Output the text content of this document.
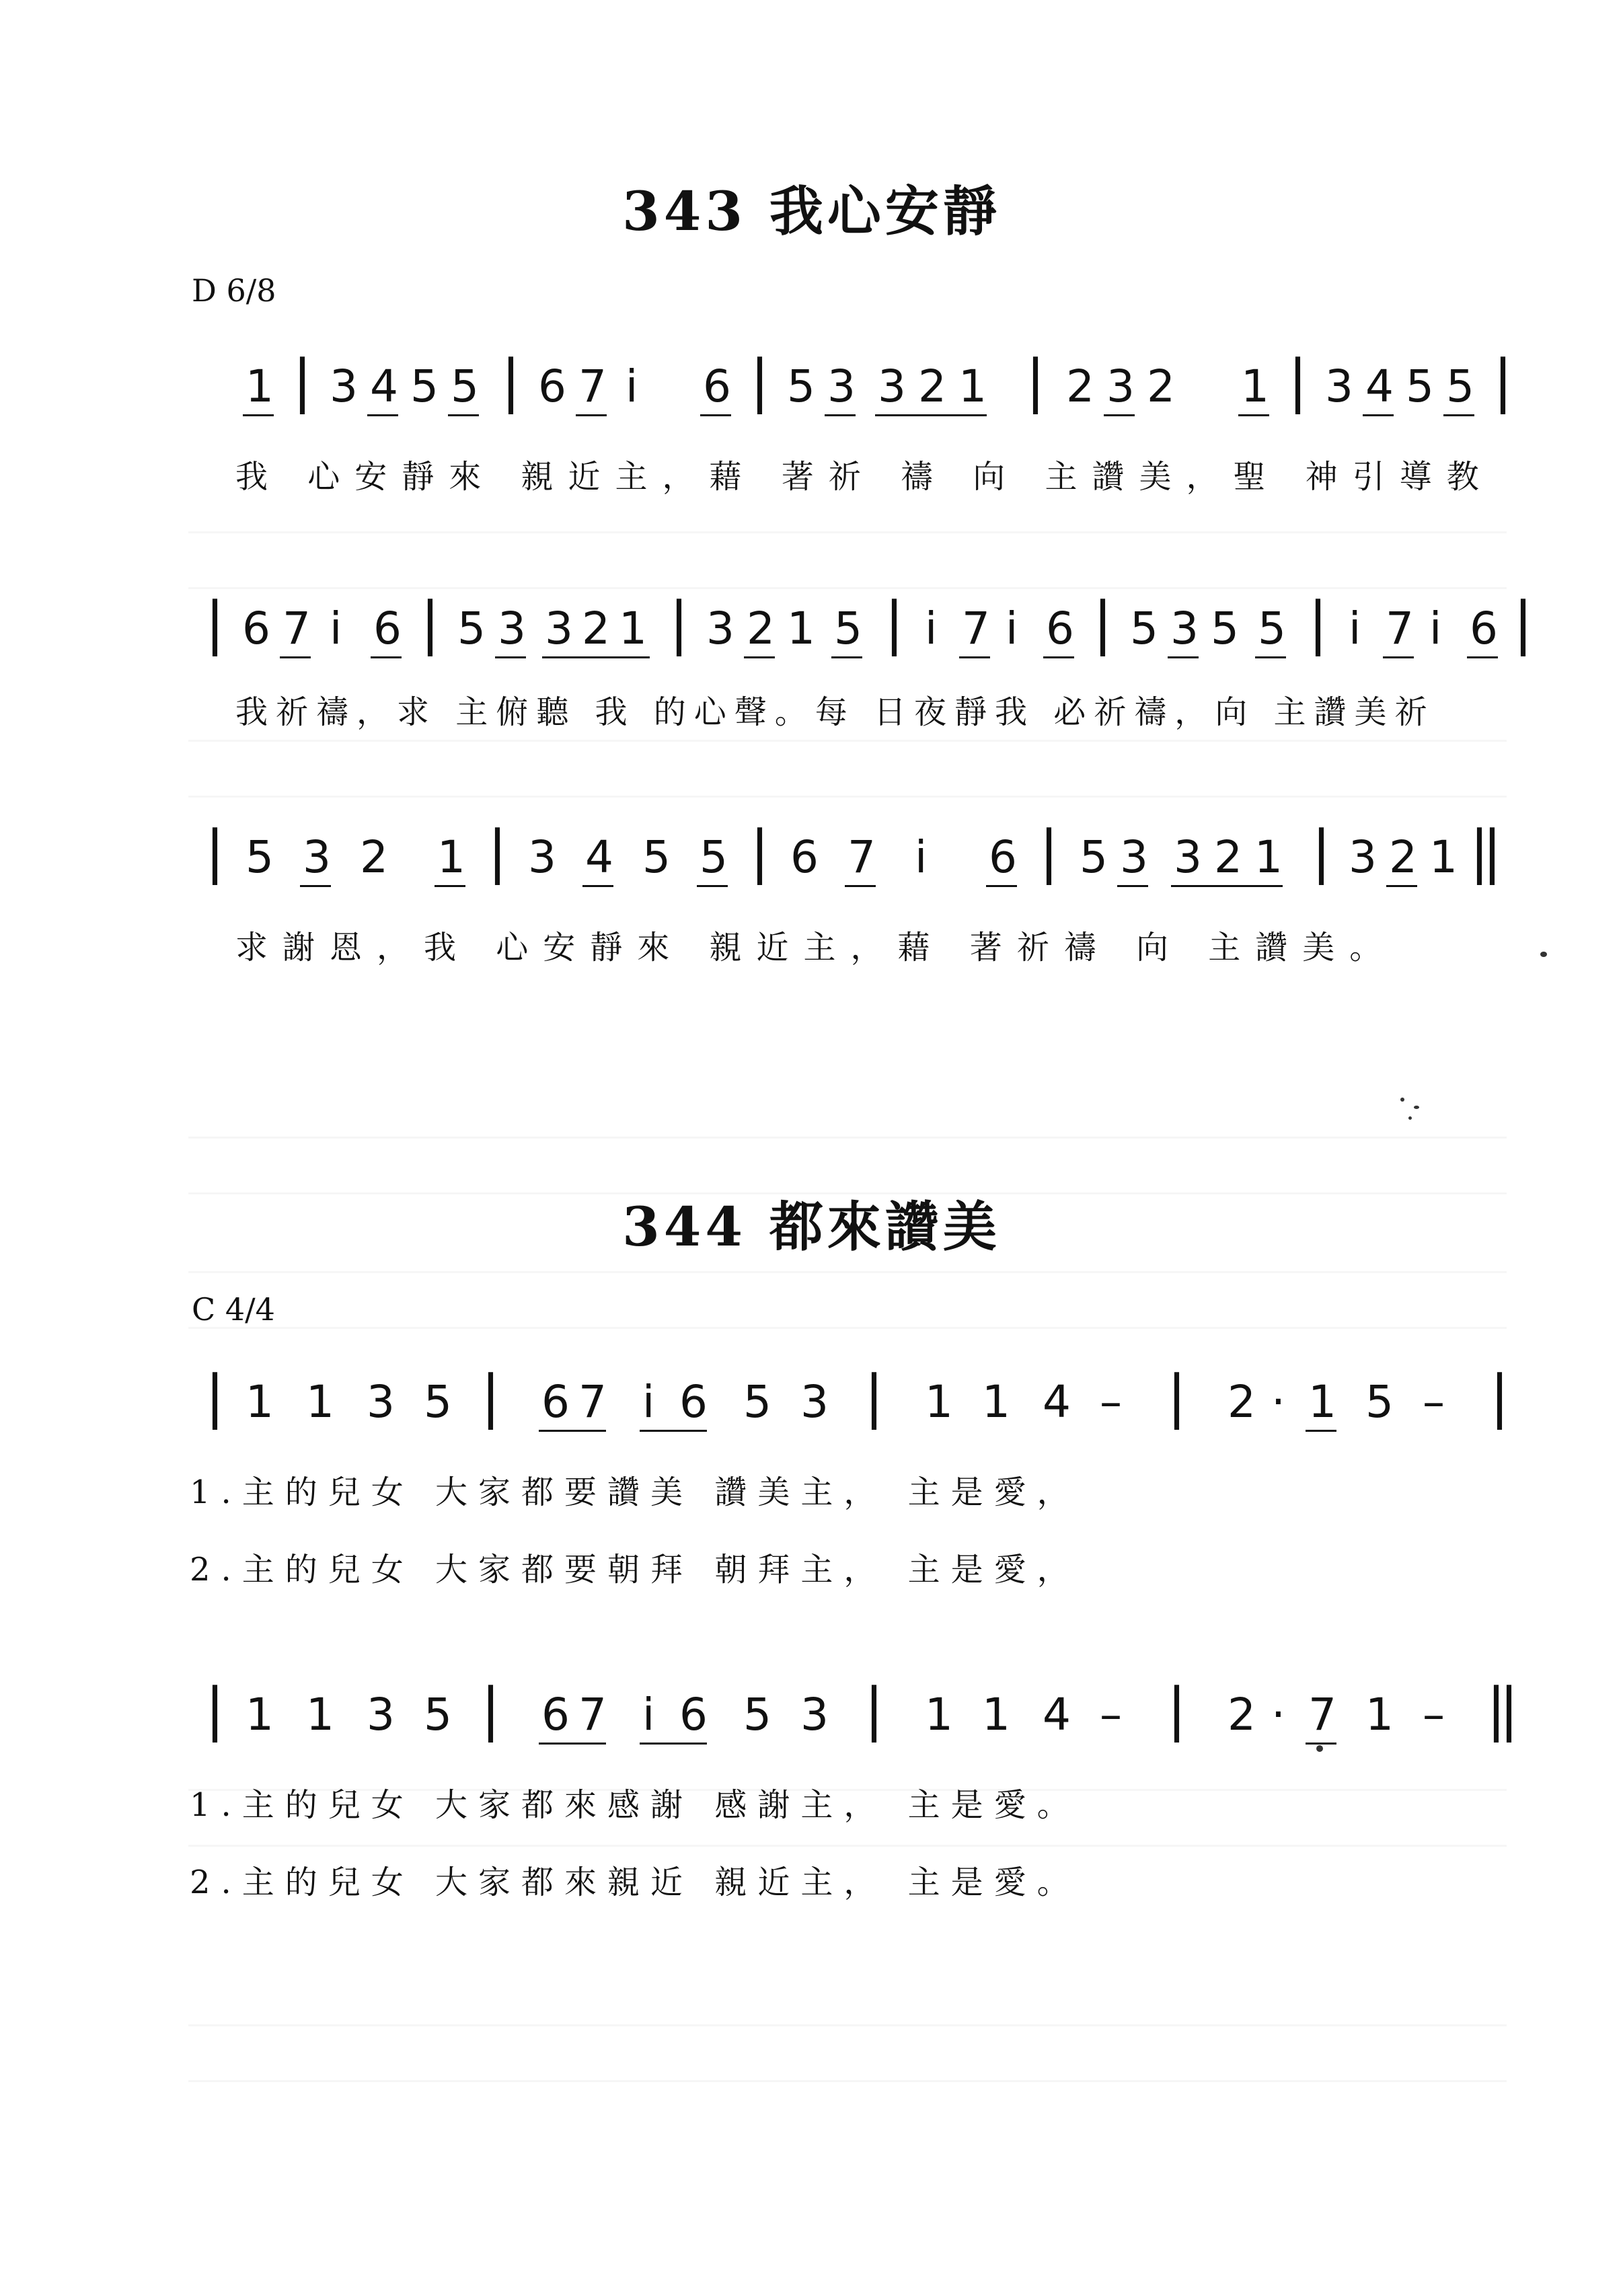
343 我心安靜
D 6/8
1 | 3 4 5 5 | 6 7 i 6 | 5 3 3 2 1 | 2 3 2 1 | 3 4 5 5 |
我 心安靜來 親近主，藉 著祈 禱 向 主讚美，聖 神引導教
| 6 7 i 6 | 5 3 3 2 1 | 3 2 1 5 | i 7 i 6 | 5 3 5 5 | i 7 i 6 |
我祈禱，求 主俯聽 我 的心聲。每 日夜靜我 必祈禱，向 主讚美祈
| 5 3 2 1 | 3 4 5 5 | 6 7 i 6 | 5 3 3 2 1 | 3 2 1 ||
求謝恩，我 心安靜來 親近主，藉 著祈禱 向 主讚美。
344 都來讚美
C 4/4
| 1 1 3 5 | 6 7 i 6 5 3 | 1 1 4 – | 2 · 1 5 – |
1.主的兒女 大家都要讚美 讚美主， 主是愛，
2.主的兒女 大家都要朝拜 朝拜主， 主是愛，
| 1 1 3 5 | 6 7 i 6 5 3 | 1 1 4 – | 2 · 7 1 – ||
1.主的兒女 大家都來感謝 感謝主， 主是愛。
2.主的兒女 大家都來親近 親近主， 主是愛。
